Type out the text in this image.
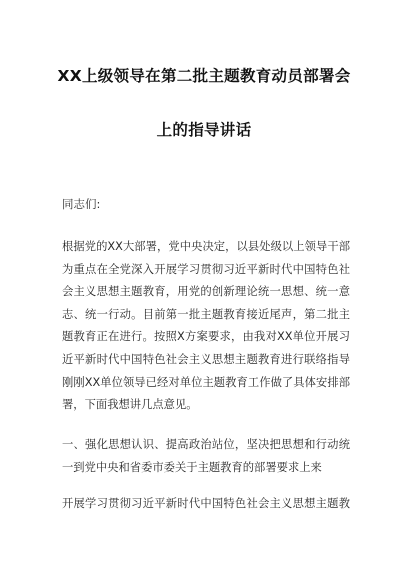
XX上级领导在第二批主题教育动员部署会
上的指导讲话
同志们:
根据党的XX大部署，党中央决定，以县处级以上领导干部
为重点在全党深入开展学习贯彻习近平新时代中国特色社
会主义思想主题教育，用党的创新理论统一思想、统一意
志、统一行动。目前第一批主题教育接近尾声，第二批主
题教育正在进行。按照X方案要求，由我对XX单位开展习
近平新时代中国特色社会主义思想主题教育进行联络指导
刚刚XX单位领导已经对单位主题教育工作做了具体安排部
署，下面我想讲几点意见。
一、强化思想认识、提高政治站位，坚决把思想和行动统
一到党中央和省委市委关于主题教育的部署要求上来
开展学习贯彻习近平新时代中国特色社会主义思想主题教
